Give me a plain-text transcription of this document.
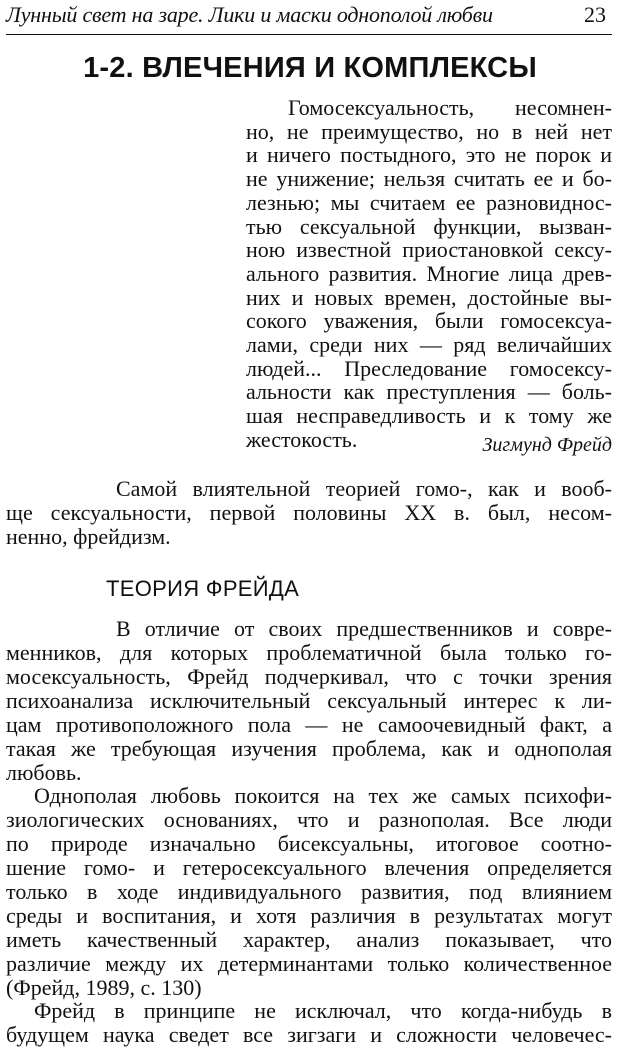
Лунный свет на заре. Лики и маски однополой любви	23
1-2. ВЛЕЧЕНИЯ И КОМПЛЕКСЫ
Гомосексуальность, несомнен-
но, не преимущество, но в ней нет
и ничего постыдного, это не порок и
не унижение; нельзя считать ее и бо-
лезнью; мы считаем ее разновиднос-
тью сексуальной функции, вызван-
ною известной приостановкой сексу-
ального развития. Многие лица древ-
них и новых времен, достойные вы-
сокого уважения, были гомосексуа-
лами, среди них — ряд величайших
людей... Преследование гомосексу-
альности как преступления — боль-
шая несправедливость и к тому же
жестокость.	Зигмунд Фрейд
Самой влиятельной теорией гомо-, как и вооб-
ще сексуальности, первой половины XX в. был, несом-
ненно, фрейдизм.
ТЕОРИЯ ФРЕЙДА
В отличие от своих предшественников и совре-
менников, для которых проблематичной была только го-
мосексуальность, Фрейд подчеркивал, что с точки зрения
психоанализа исключительный сексуальный интерес к ли-
цам противоположного пола — не самоочевидный факт, а
такая же требующая изучения проблема, как и однополая
любовь.
Однополая любовь покоится на тех же самых психофи-
зиологических основаниях, что и разнополая. Все люди
по природе изначально бисексуальны, итоговое соотно-
шение гомо- и гетеросексуального влечения определяется
только в ходе индивидуального развития, под влиянием
среды и воспитания, и хотя различия в результатах могут
иметь качественный характер, анализ показывает, что
различие между их детерминантами только количественное
(Фрейд, 1989, с. 130)
Фрейд в принципе не исключал, что когда-нибудь в
будущем наука сведет все зигзаги и сложности человечес-
